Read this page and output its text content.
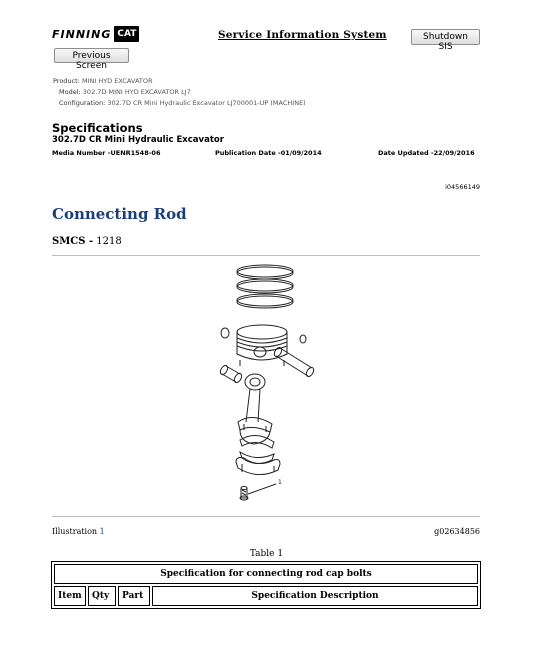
FINNING CAT	Service Information System	Shutdown SIS
Previous Screen
Product: MINI HYD EXCAVATOR
Model: 302.7D MINI HYD EXCAVATOR LJ7
Configuration: 302.7D CR Mini Hydraulic Excavator LJ700001-UP (MACHINE)
Specifications
302.7D CR Mini Hydraulic Excavator
Media Number -UENR1548-06	Publication Date -01/09/2014	Date Updated -22/09/2016
i04566149
Connecting Rod
SMCS - 1218
1
Illustration 1	g02634856
Table 1
Specification for connecting rod cap bolts
Item	Qty	Part	Specification Description
